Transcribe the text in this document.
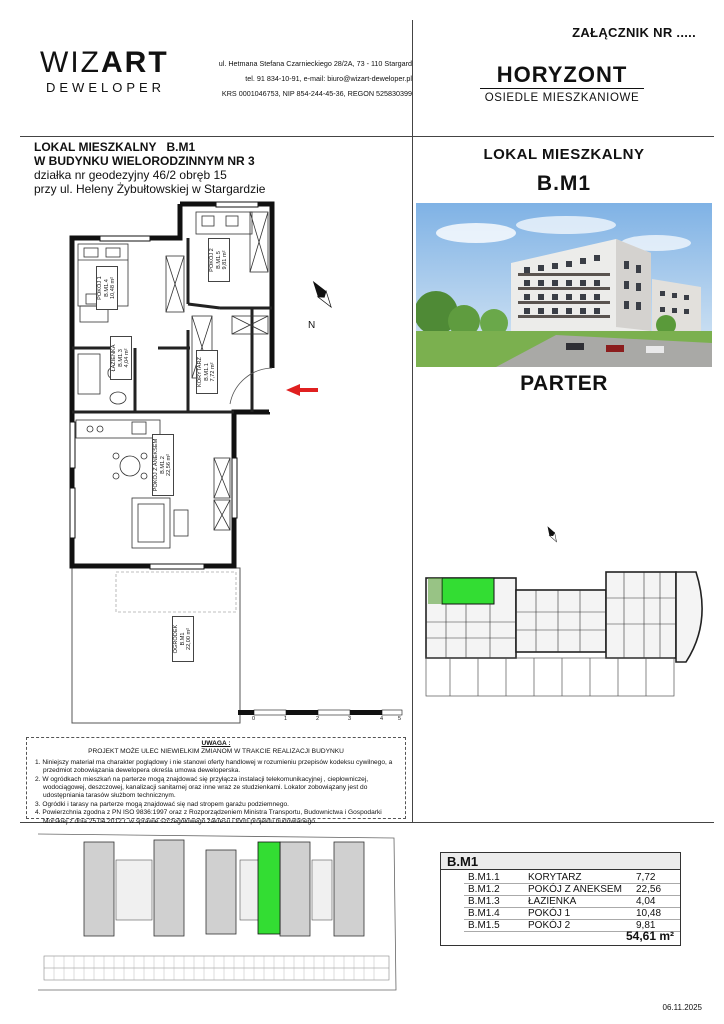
ZAŁĄCZNIK NR .....
WIZART
DEWELOPER
ul. Hetmana Stefana Czarnieckiego 28/2A, 73 - 110 Stargard
tel. 91 834-10-91, e-mail: biuro@wizart-deweloper.pl
KRS 0001046753, NIP 854-244-45-36, REGON 525830399
HORYZONT
OSIEDLE MIESZKANIOWE
LOKAL MIESZKALNY B.M1
W BUDYNKU WIELORODZINNYM NR 3
działka nr geodezyjny 46/2 obręb 15
przy ul. Heleny Żybułtowskiej w Stargardzie
LOKAL MIESZKALNY
B.M1
PARTER
POKÓJ 1 B.M1.4 10,48 m²
POKÓJ 2 B.M1.5 9,81 m²
ŁAZIENKA B.M1.3 4,04 m²	KORYTARZ B.M1.1 7,72 m²
POKÓJ Z ANEKSEM B.M1.2 22,56 m²
OGRÓDEK B.M1 22,00 m²
N
0	1	2	3	4	5
UWAGA :
PROJEKT MOŻE ULEC NIEWIELKIM ZMIANOM W TRAKCIE REALIZACJI BUDYNKU
1. Niniejszy materiał ma charakter poglądowy i nie stanowi oferty handlowej w rozumieniu przepisów kodeksu cywilnego, a przedmiot zobowiązania dewelopera określa umowa deweloperska.
2. W ogródkach mieszkań na parterze mogą znajdować się przyłącza instalacji telekomunikacyjnej , ciepłowniczej, wodociągowej, deszczowej, kanalizacji sanitarnej oraz inne wraz ze studzienkami. Lokator zobowiązany jest do udostępniania tarasów służbom technicznym.
3. Ogródki i tarasy na parterze mogą znajdować się nad stropem garażu podziemnego.
4. Powierzchnia zgodna z PN ISO 9836:1997 oraz z Rozporządzeniem Ministra Transportu, Budownictwa i Gospodarki Morskiej z dnia 25.04.2012 r. w sprawie szczegółowego zakresu i form projektu budowlanego.
B.M1
B.M1.1	KORYTARZ	7,72
B.M1.2	POKÓJ Z ANEKSEM	22,56
B.M1.3	ŁAZIENKA	4,04
B.M1.4	POKÓJ 1	10,48
B.M1.5	POKÓJ 2	9,81
54,61 m²
06.11.2025
